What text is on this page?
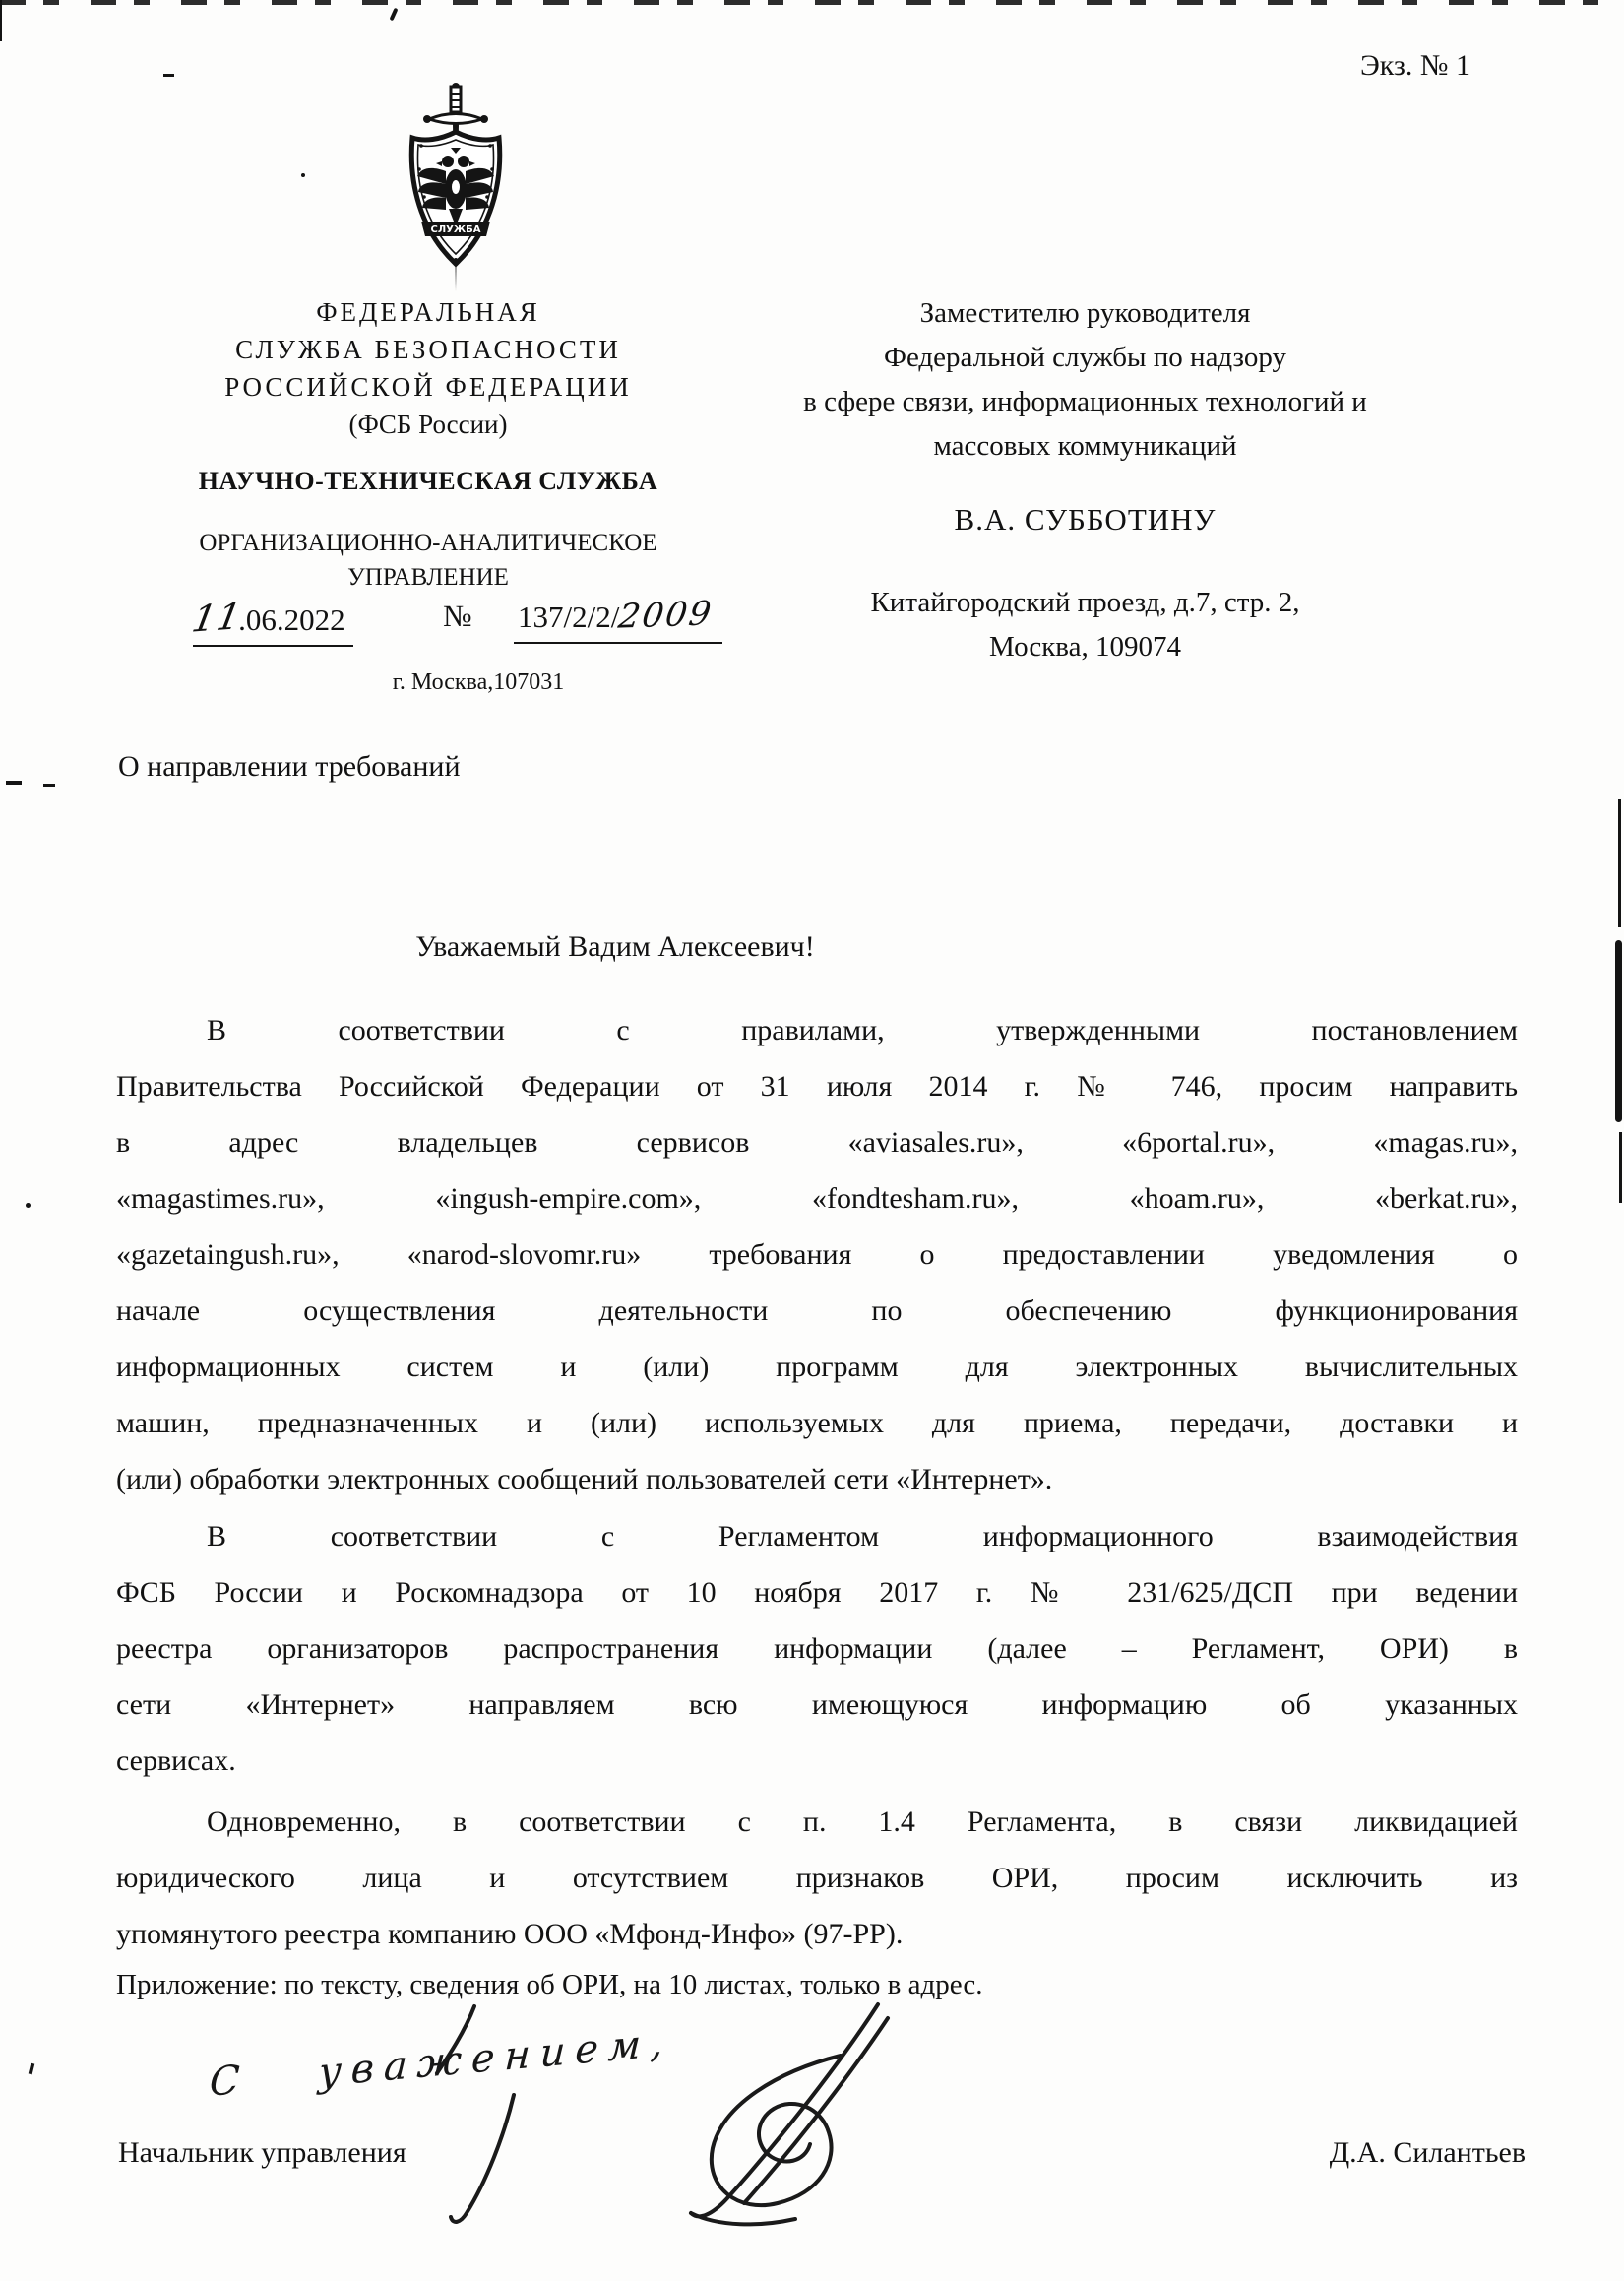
Экз. № 1
СЛУЖБА
ФЕДЕРАЛЬНАЯ
СЛУЖБА БЕЗОПАСНОСТИ
РОССИЙСКОЙ ФЕДЕРАЦИИ
(ФСБ России)
НАУЧНО-ТЕХНИЧЕСКАЯ СЛУЖБА
ОРГАНИЗАЦИОННО-АНАЛИТИЧЕСКОЕ
УПРАВЛЕНИЕ
11.06.2022	№ 137/2/2/2009
г. Москва,107031
Заместителю руководителя
Федеральной службы по надзору
в сфере связи, информационных технологий и
массовых коммуникаций
В.А. СУББОТИНУ
Китайгородский проезд, д.7, стр. 2,
Москва, 109074
О направлении требований
Уважаемый Вадим Алексеевич!
В соответствии с правилами, утвержденными постановлением
Правительства Российской Федерации от 31 июля 2014 г. № 746, просим направить
в адрес владельцев сервисов «aviasales.ru», «6portal.ru», «magas.ru»,
«magastimes.ru», «ingush-empire.com», «fondtesham.ru», «hoam.ru», «berkat.ru»,
«gazetaingush.ru», «narod-slovomr.ru» требования о предоставлении уведомления о
начале осуществления деятельности по обеспечению функционирования
информационных систем и (или) программ для электронных вычислительных
машин, предназначенных и (или) используемых для приема, передачи, доставки и
(или) обработки электронных сообщений пользователей сети «Интернет».
В соответствии с Регламентом информационного взаимодействия
ФСБ России и Роскомнадзора от 10 ноября 2017 г. № 231/625/ДСП при ведении
реестра организаторов распространения информации (далее – Регламент, ОРИ) в
сети «Интернет» направляем всю имеющуюся информацию об указанных
сервисах.
Одновременно, в соответствии с п. 1.4 Регламента, в связи ликвидацией
юридического лица и отсутствием признаков ОРИ, просим исключить из
упомянутого реестра компанию ООО «Мфонд-Инфо» (97-РР).
Приложение: по тексту, сведения об ОРИ, на 10 листах, только в адрес.
С уважением,
Начальник управления	Д.А. Силантьев
